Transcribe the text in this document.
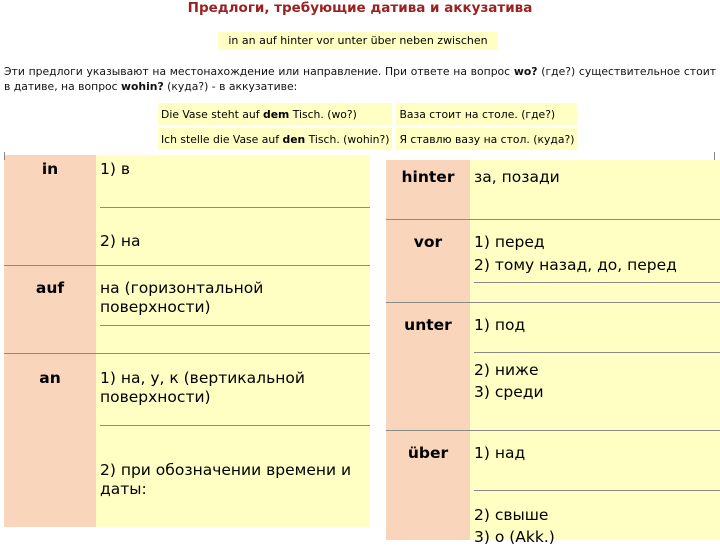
Предлоги, требующие датива и аккузатива
in an auf hinter vor unter über neben zwischen
Эти предлоги указывают на местонахождение или направление. При ответе на вопрос wo? (где?) существительное стоит в дативе, на вопрос wohin? (куда?) - в аккузативе:
Die Vase steht auf dem Tisch. (wo?)		Ваза стоит на столе. (где?)
Ich stelle die Vase auf den Tisch. (wohin?)		Я ставлю вазу на стол. (куда?)
in	1) в
2) на
auf	на (горизонтальной поверхности)
an	1) на, у, к (вертикальной поверхности)
2) при обозначении времени и даты:
hinter	за, позади
vor	1) перед
2) тому назад, до, перед
unter	1) под
2) ниже
3) среди
über	1) над
2) свыше
3) о (Akk.)
